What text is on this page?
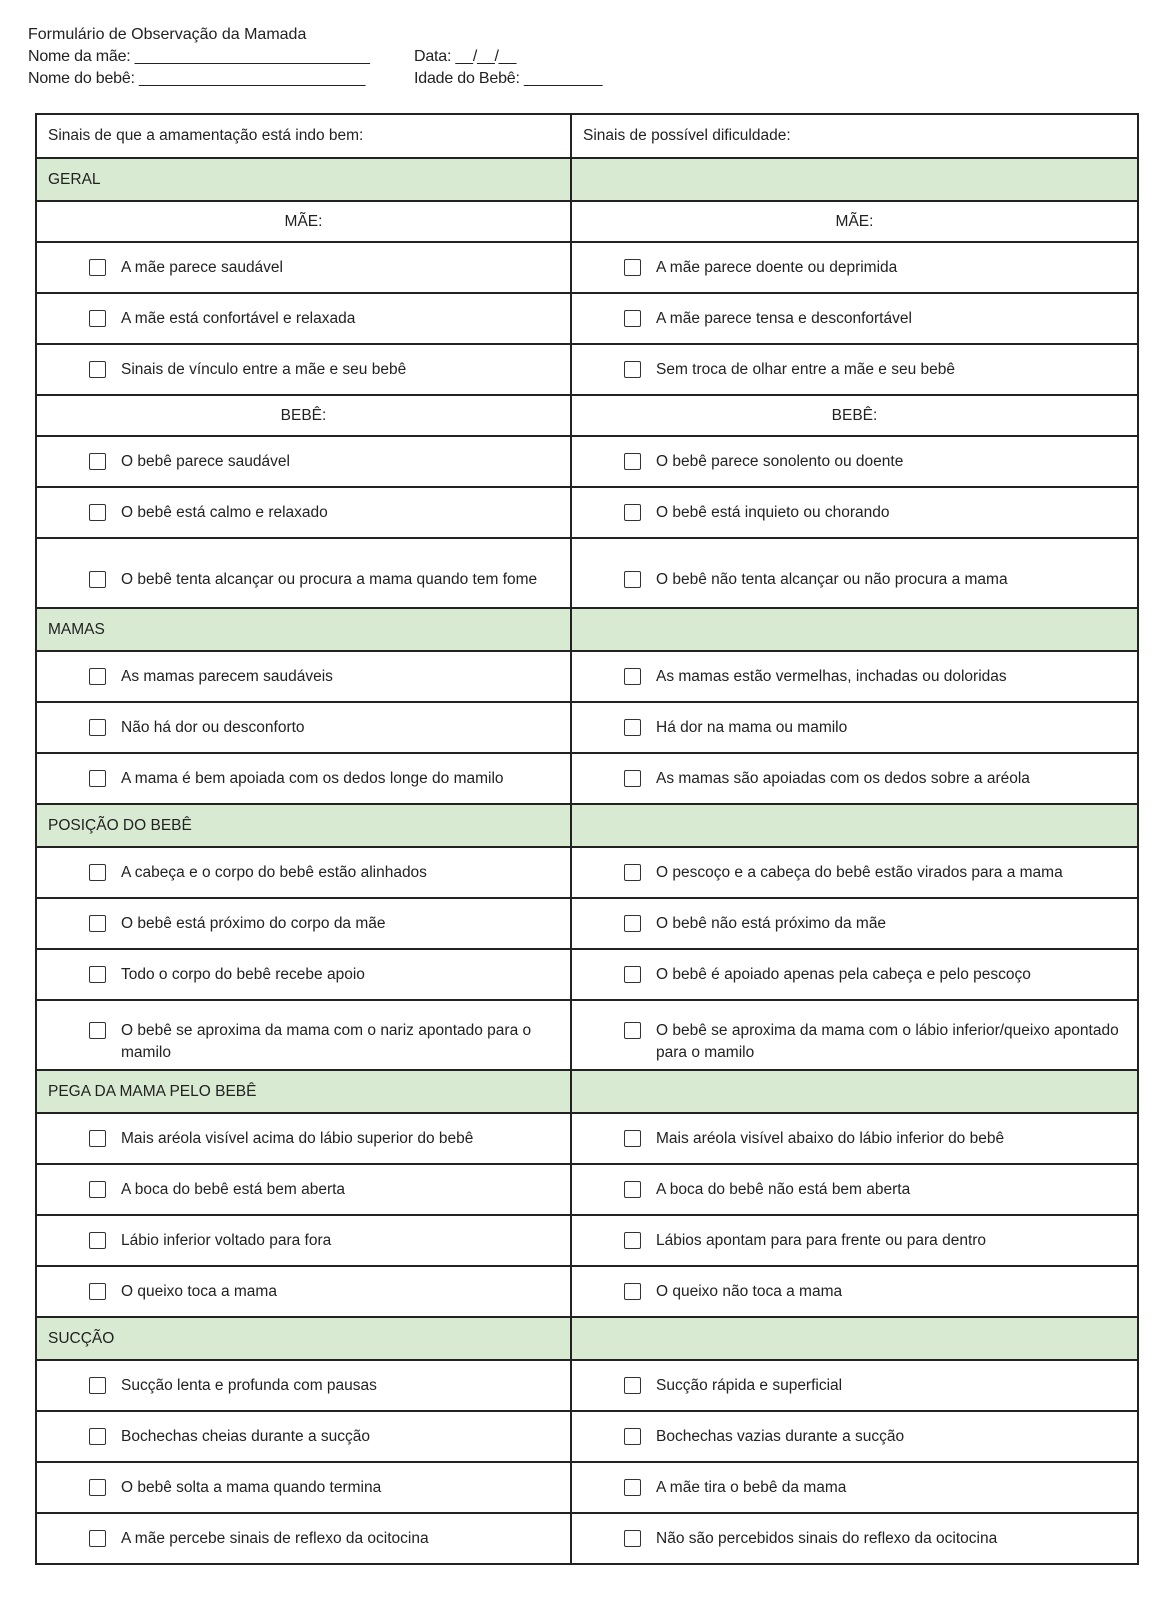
Formulário de Observação da Mamada
Nome da mãe: ___________________________	Data: __/__/__
Nome do bebê: __________________________	Idade do Bebê: _________
Sinais de que a amamentação está indo bem:	Sinais de possível dificuldade:
GERAL	
MÃE:	MÃE:

A mãe parece saudável	A mãe parece doente ou deprimida

A mãe está confortável e relaxada	A mãe parece tensa e desconfortável

Sinais de vínculo entre a mãe e seu bebê	Sem troca de olhar entre a mãe e seu bebê

BEBÊ:	BEBÊ:

O bebê parece saudável	O bebê parece sonolento ou doente

O bebê está calmo e relaxado	O bebê está inquieto ou chorando

O bebê tenta alcançar ou procura a mama quando tem fome	O bebê não tenta alcançar ou não procura a mama

MAMAS	

As mamas parecem saudáveis	As mamas estão vermelhas, inchadas ou doloridas

Não há dor ou desconforto	Há dor na mama ou mamilo

A mama é bem apoiada com os dedos longe do mamilo	As mamas são apoiadas com os dedos sobre a aréola

POSIÇÃO DO BEBÊ	

A cabeça e o corpo do bebê estão alinhados	O pescoço e a cabeça do bebê estão virados para a mama

O bebê está próximo do corpo da mãe	O bebê não está próximo da mãe

Todo o corpo do bebê recebe apoio	O bebê é apoiado apenas pela cabeça e pelo pescoço

O bebê se aproxima da mama com o nariz apontado para o mamilo	O bebê se aproxima da mama com o lábio inferior/queixo apontado para o mamilo

PEGA DA MAMA PELO BEBÊ	

Mais aréola visível acima do lábio superior do bebê	Mais aréola visível abaixo do lábio inferior do bebê

A boca do bebê está bem aberta	A boca do bebê não está bem aberta

Lábio inferior voltado para fora	Lábios apontam para para frente ou para dentro

O queixo toca a mama	O queixo não toca a mama

SUCÇÃO	

Sucção lenta e profunda com pausas	Sucção rápida e superficial

Bochechas cheias durante a sucção	Bochechas vazias durante a sucção

O bebê solta a mama quando termina	A mãe tira o bebê da mama

A mãe percebe sinais de reflexo da ocitocina	Não são percebidos sinais do reflexo da ocitocina
